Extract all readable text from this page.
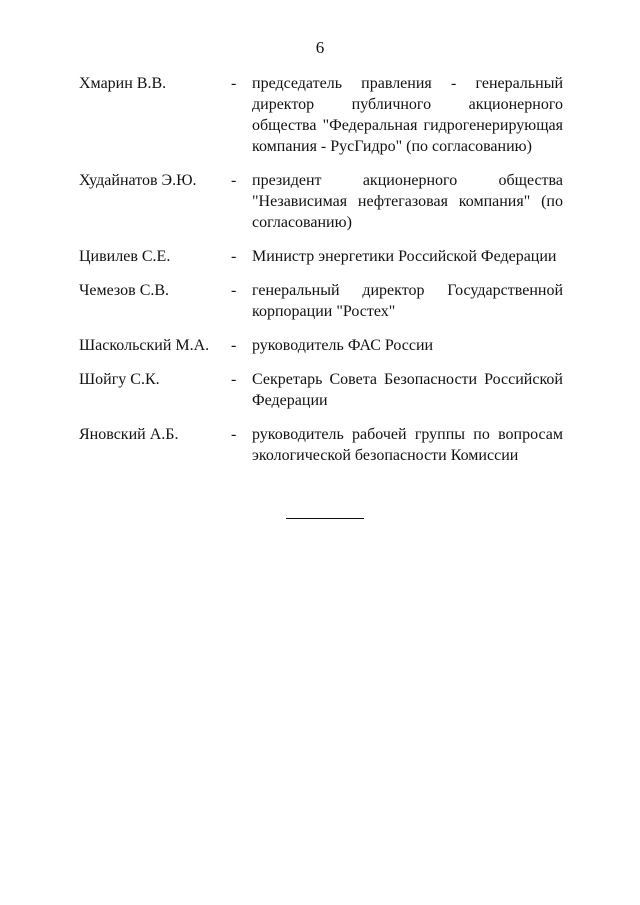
6
Хмарин В.В.	- председатель правления - генеральный директор публичного акционерного общества "Федеральная гидрогенерирующая компания - РусГидро" (по согласованию)
Худайнатов Э.Ю.	- президент акционерного общества "Независимая нефтегазовая компания" (по согласованию)
Цивилев С.Е.	- Министр энергетики Российской Федерации
Чемезов С.В.	- генеральный директор Государственной корпорации "Ростех"
Шаскольский М.А.	- руководитель ФАС России
Шойгу С.К.	- Секретарь Совета Безопасности Российской Федерации
Яновский А.Б.	- руководитель рабочей группы по вопросам экологической безопасности Комиссии
